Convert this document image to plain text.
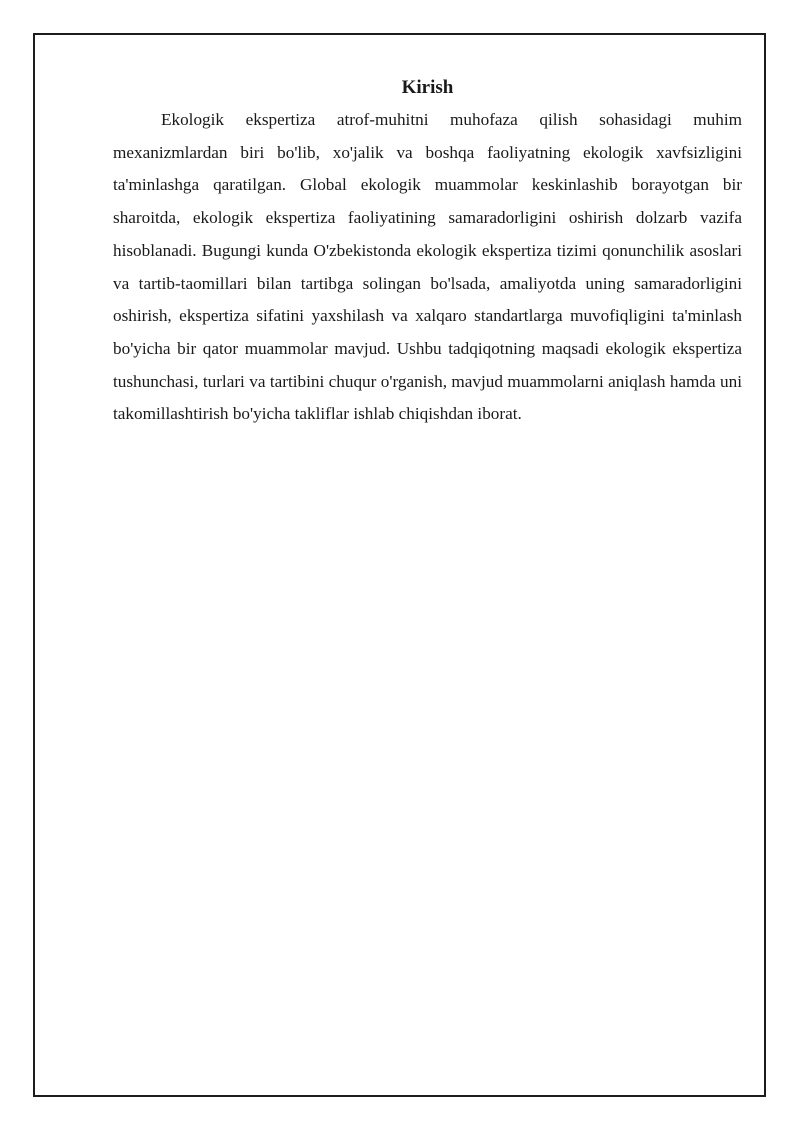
Kirish

Ekologik ekspertiza atrof-muhitni muhofaza qilish sohasidagi muhim mexanizmlardan biri bo'lib, xo'jalik va boshqa faoliyatning ekologik xavfsizligini ta'minlashga qaratilgan. Global ekologik muammolar keskinlashib borayotgan bir sharoitda, ekologik ekspertiza faoliyatining samaradorligini oshirish dolzarb vazifa hisoblanadi. Bugungi kunda O'zbekistonda ekologik ekspertiza tizimi qonunchilik asoslari va tartib-taomillari bilan tartibga solingan bo'lsada, amaliyotda uning samaradorligini oshirish, ekspertiza sifatini yaxshilash va xalqaro standartlarga muvofiqligini ta'minlash bo'yicha bir qator muammolar mavjud. Ushbu tadqiqotning maqsadi ekologik ekspertiza tushunchasi, turlari va tartibini chuqur o'rganish, mavjud muammolarni aniqlash hamda uni takomillashtirish bo'yicha takliflar ishlab chiqishdan iborat.
